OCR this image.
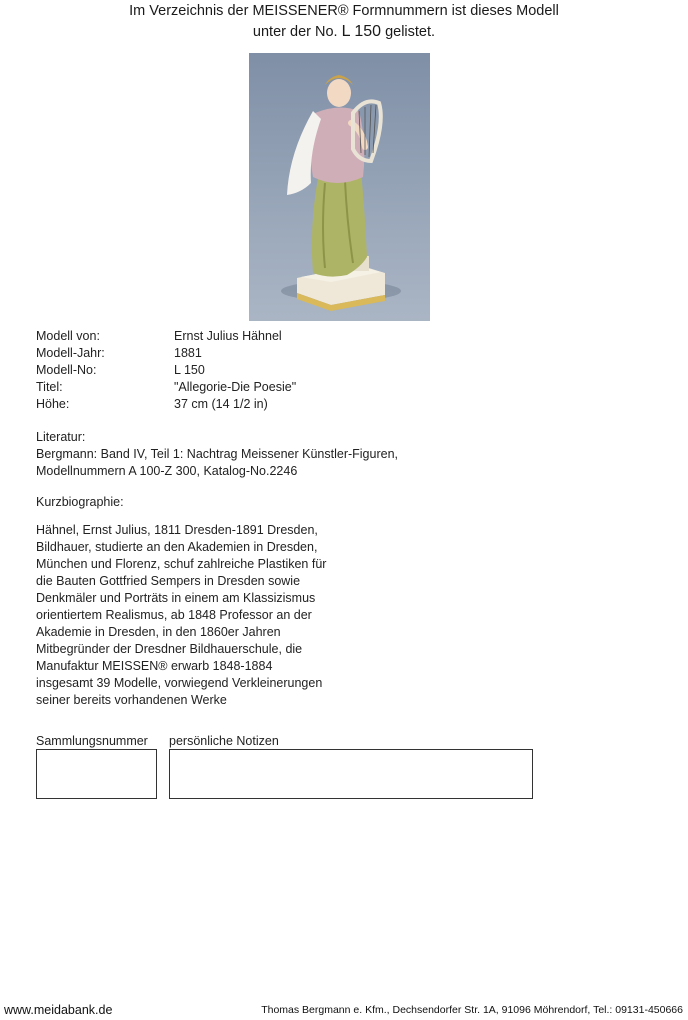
Im Verzeichnis der MEISSENER® Formnummern ist dieses Modell
unter der No. L 150 gelistet.
Modell von:	Ernst Julius Hähnel
Modell-Jahr:	1881
Modell-No:	L 150
Titel:	"Allegorie-Die Poesie"
Höhe:	37 cm (14 1/2 in)
Literatur:
Bergmann: Band IV, Teil 1: Nachtrag Meissener Künstler-Figuren,
Modellnummern A 100-Z 300, Katalog-No.2246
Kurzbiographie:
Hähnel, Ernst Julius, 1811 Dresden-1891 Dresden,
Bildhauer, studierte an den Akademien in Dresden,
München und Florenz, schuf zahlreiche Plastiken für
die Bauten Gottfried Sempers in Dresden sowie
Denkmäler und Porträts in einem am Klassizismus
orientiertem Realismus, ab 1848 Professor an der
Akademie in Dresden, in den 1860er Jahren
Mitbegründer der Dresdner Bildhauerschule, die
Manufaktur MEISSEN® erwarb 1848-1884
insgesamt 39 Modelle, vorwiegend Verkleinerungen
seiner bereits vorhandenen Werke
Sammlungsnummer persönliche Notizen
www.meidabank.de	Thomas Bergmann e. Kfm., Dechsendorfer Str. 1A, 91096 Möhrendorf, Tel.: 09131-450666
